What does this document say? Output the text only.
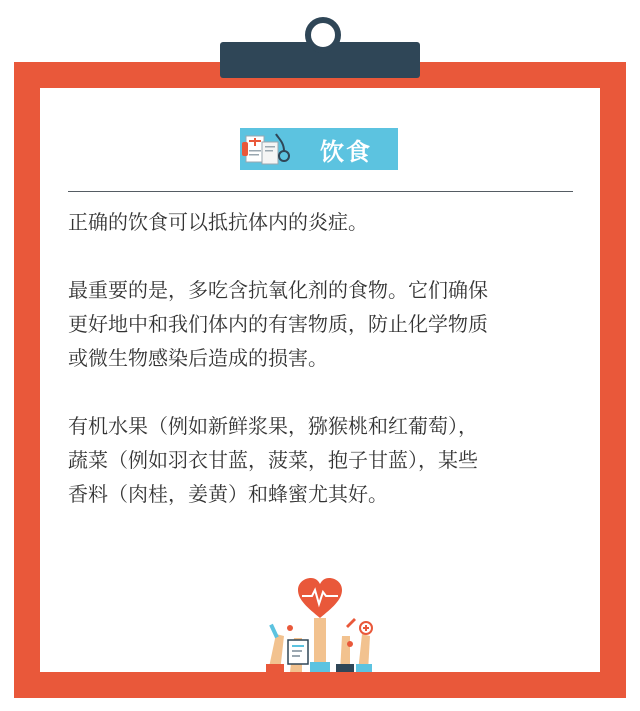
饮食

正确的饮食可以抵抗体内的炎症。

最重要的是，多吃含抗氧化剂的食物。它们确保
更好地中和我们体内的有害物质，防止化学物质
或微生物感染后造成的损害。

有机水果（例如新鲜浆果，猕猴桃和红葡萄），
蔬菜（例如羽衣甘蓝，菠菜，抱子甘蓝），某些
香料（肉桂，姜黄）和蜂蜜尤其好。
